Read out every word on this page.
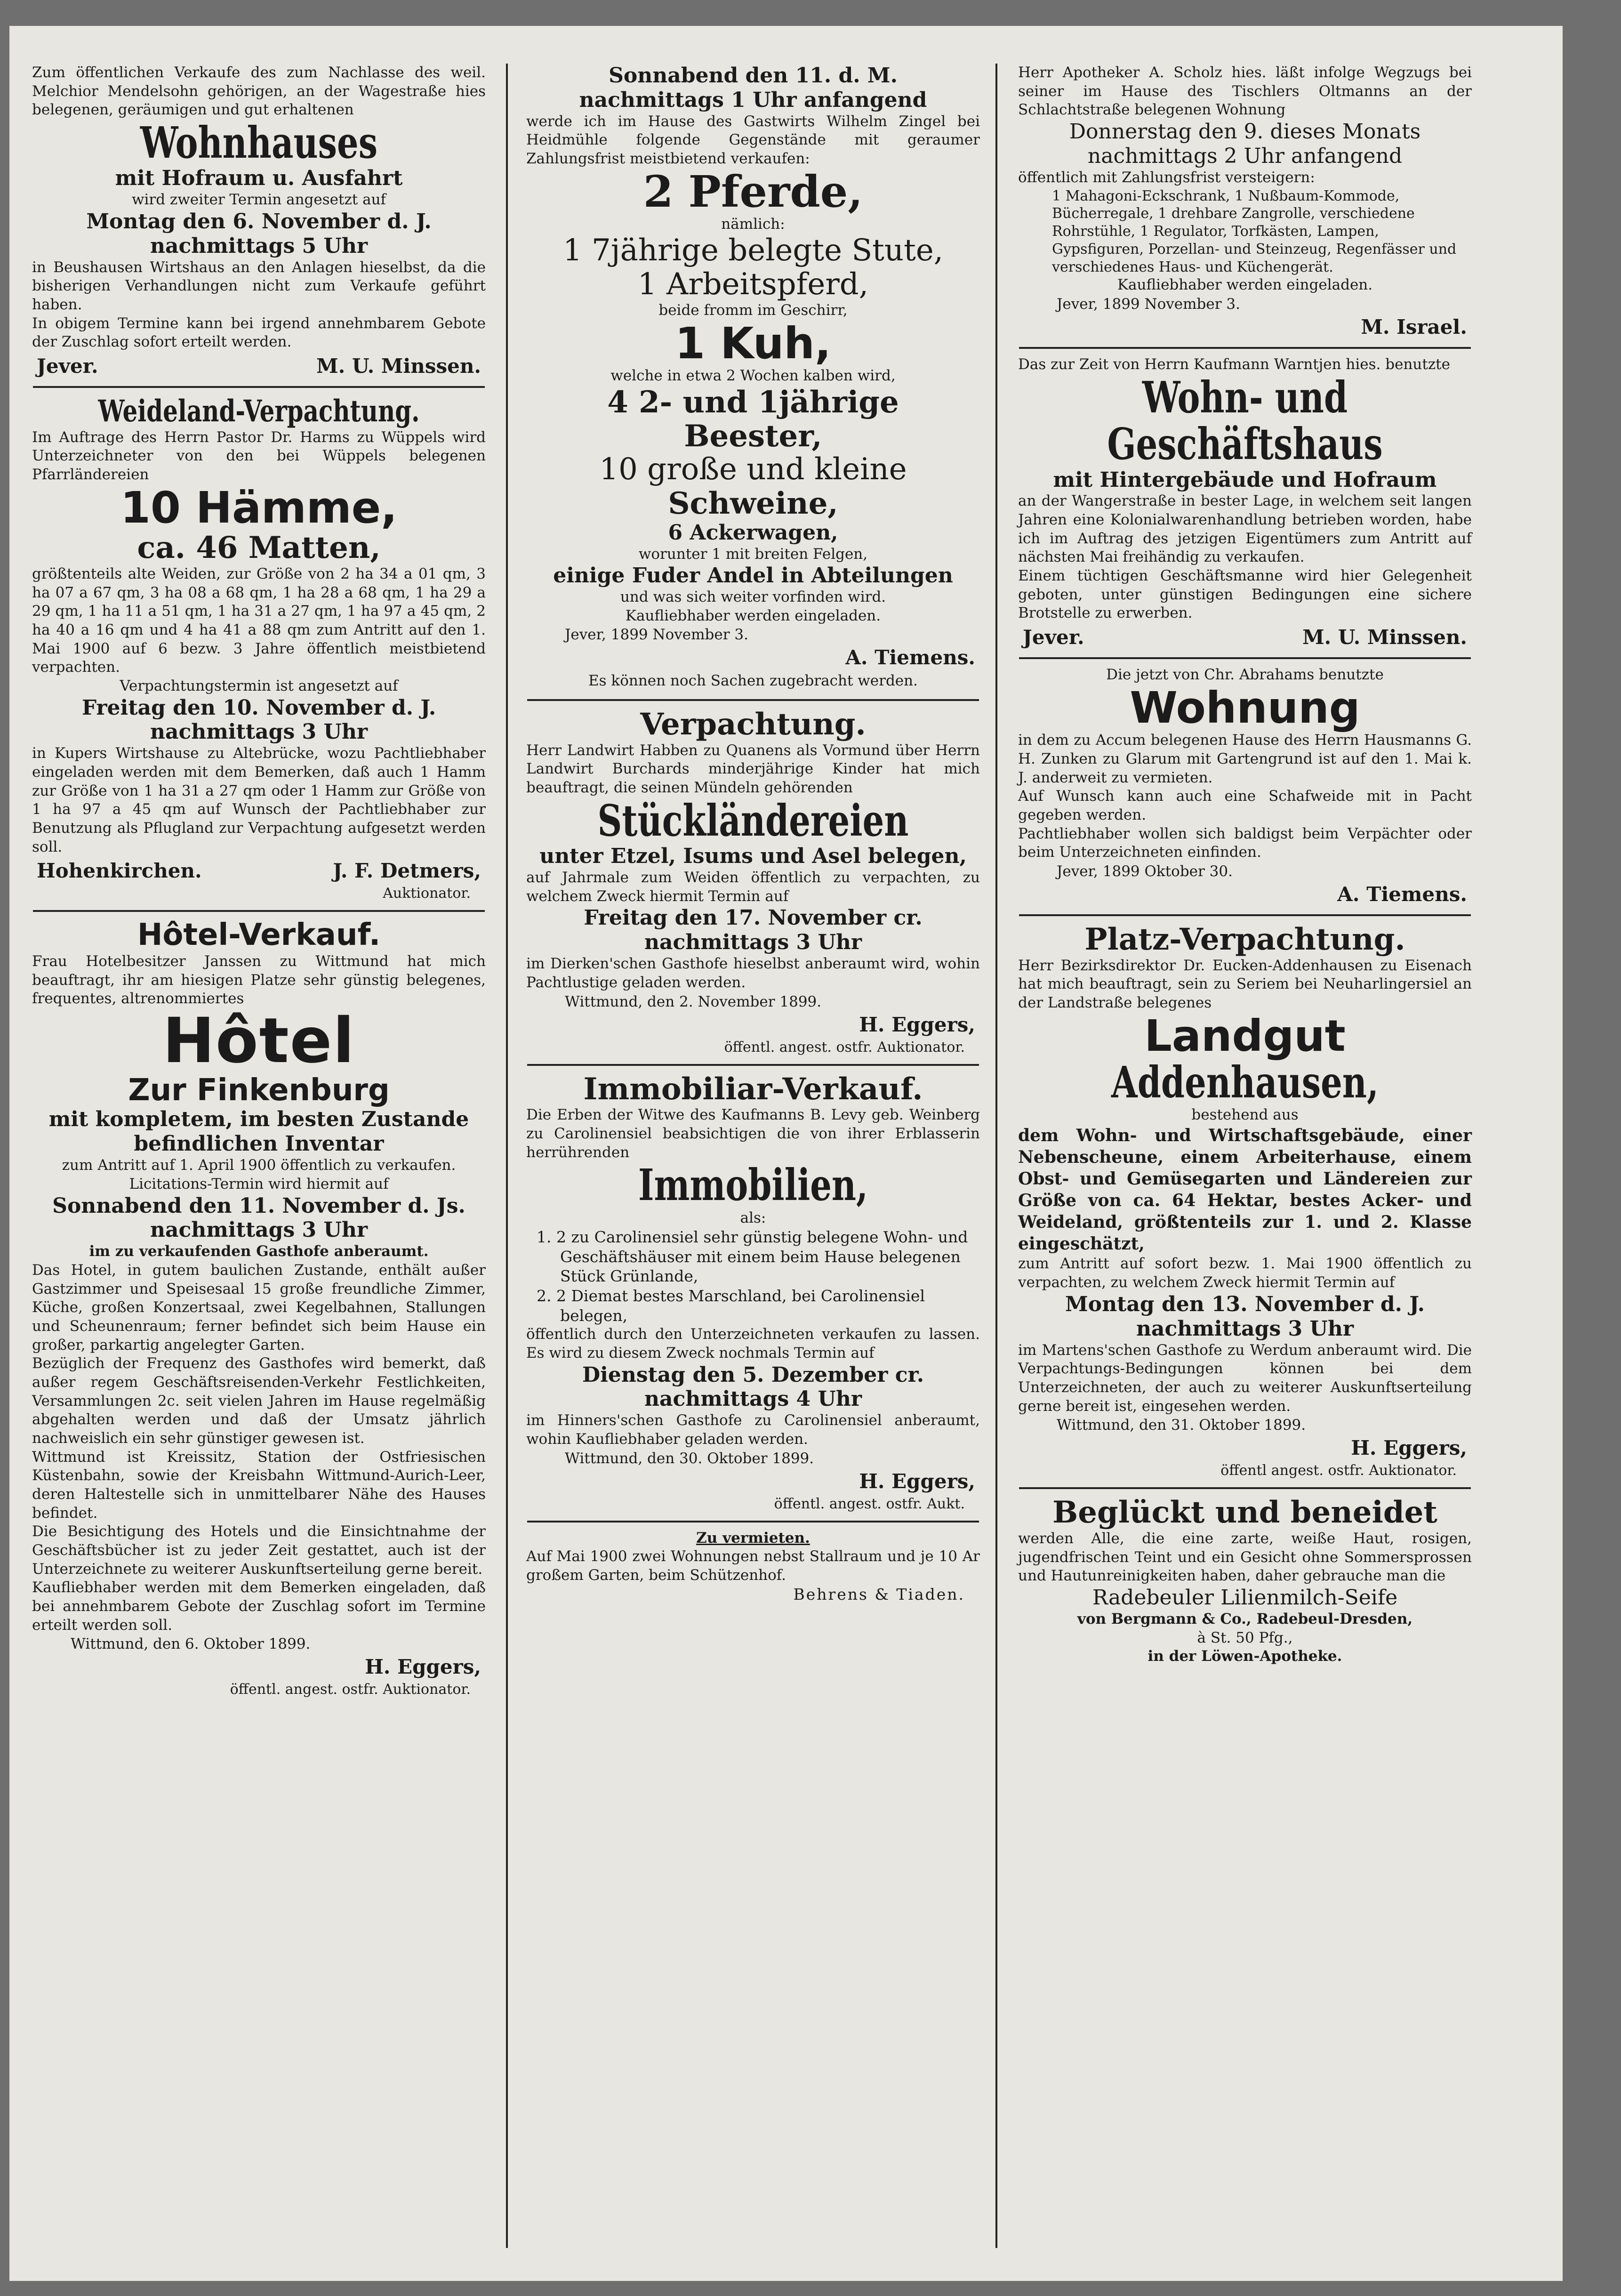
Zum öffentlichen Verkaufe des zum Nachlasse des weil. Melchior Mendelsohn gehörigen, an der Wagestraße hies belegenen, geräumigen und gut erhaltenen

Wohnhauses
mit Hofraum u. Ausfahrt
wird zweiter Termin angesetzt auf
Montag den 6. November d. J.
nachmittags 5 Uhr

in Beushausen Wirtshaus an den Anlagen hieselbst, da die bisherigen Verhandlungen nicht zum Verkaufe geführt haben.

In obigem Termine kann bei irgend annehmbarem Gebote der Zuschlag sofort erteilt werden.

Jever.	M. U. Minssen.
Weideland-Verpachtung.

Im Auftrage des Herrn Pastor Dr. Harms zu Wüppels wird Unterzeichneter von den bei Wüppels belegenen Pfarrländereien

10 Hämme,
ca. 46 Matten,

größtenteils alte Weiden, zur Größe von 2 ha 34 a 01 qm, 3 ha 07 a 67 qm, 3 ha 08 a 68 qm, 1 ha 28 a 68 qm, 1 ha 29 a 29 qm, 1 ha 11 a 51 qm, 1 ha 31 a 27 qm, 1 ha 97 a 45 qm, 2 ha 40 a 16 qm und 4 ha 41 a 88 qm zum Antritt auf den 1. Mai 1900 auf 6 bezw. 3 Jahre öffentlich meistbietend verpachten.

Verpachtungstermin ist angesetzt auf
Freitag den 10. November d. J.
nachmittags 3 Uhr

in Kupers Wirtshause zu Altebrücke, wozu Pachtliebhaber eingeladen werden mit dem Bemerken, daß auch 1 Hamm zur Größe von 1 ha 31 a 27 qm oder 1 Hamm zur Größe von 1 ha 97 a 45 qm auf Wunsch der Pachtliebhaber zur Benutzung als Pflugland zur Verpachtung aufgesetzt werden soll.

Hohenkirchen.	J. F. Detmers,
Auktionator.
Hôtel-Verkauf.

Frau Hotelbesitzer Janssen zu Wittmund hat mich beauftragt, ihr am hiesigen Platze sehr günstig belegenes, frequentes, altrenommiertes

Hôtel
Zur Finkenburg
mit kompletem, im besten Zustande befindlichen Inventar
zum Antritt auf 1. April 1900 öffentlich zu verkaufen. Licitations-Termin wird hiermit auf
Sonnabend den 11. November d. Js.
nachmittags 3 Uhr
im zu verkaufenden Gasthofe anberaumt.

Das Hotel, in gutem baulichen Zustande, enthält außer Gastzimmer und Speisesaal 15 große freundliche Zimmer, Küche, großen Konzertsaal, zwei Kegelbahnen, Stallungen und Scheunenraum; ferner befindet sich beim Hause ein großer, parkartig angelegter Garten.

Bezüglich der Frequenz des Gasthofes wird bemerkt, daß außer regem Geschäftsreisenden-Verkehr Festlichkeiten, Versammlungen 2c. seit vielen Jahren im Hause regelmäßig abgehalten werden und daß der Umsatz jährlich nachweislich ein sehr günstiger gewesen ist.

Wittmund ist Kreissitz, Station der Ostfriesischen Küstenbahn, sowie der Kreisbahn Wittmund-Aurich-Leer, deren Haltestelle sich in unmittelbarer Nähe des Hauses befindet.

Die Besichtigung des Hotels und die Einsichtnahme der Geschäftsbücher ist zu jeder Zeit gestattet, auch ist der Unterzeichnete zu weiterer Auskunftserteilung gerne bereit.

Kaufliebhaber werden mit dem Bemerken eingeladen, daß bei annehmbarem Gebote der Zuschlag sofort im Termine erteilt werden soll.

Wittmund, den 6. Oktober 1899.
H. Eggers,
öffentl. angest. ostfr. Auktionator.
Sonnabend den 11. d. M.
nachmittags 1 Uhr anfangend

werde ich im Hause des Gastwirts Wilhelm Zingel bei Heidmühle folgende Gegenstände mit geraumer Zahlungsfrist meistbietend verkaufen:

2 Pferde,
nämlich:
1 7jährige belegte Stute,
1 Arbeitspferd,
beide fromm im Geschirr,
1 Kuh,
welche in etwa 2 Wochen kalben wird,
4 2- und 1jährige
Beester,
10 große und kleine
Schweine,
6 Ackerwagen,
worunter 1 mit breiten Felgen,
einige Fuder Andel in Abteilungen
und was sich weiter vorfinden wird.
Kaufliebhaber werden eingeladen.
Jever, 1899 November 3.
A. Tiemens.
Es können noch Sachen zugebracht werden.
Verpachtung.

Herr Landwirt Habben zu Quanens als Vormund über Herrn Landwirt Burchards minderjährige Kinder hat mich beauftragt, die seinen Mündeln gehörenden

Stückländereien
unter Etzel, Isums und Asel belegen,

auf Jahrmale zum Weiden öffentlich zu verpachten, zu welchem Zweck hiermit Termin auf

Freitag den 17. November cr.
nachmittags 3 Uhr

im Dierken'schen Gasthofe hieselbst anberaumt wird, wohin Pachtlustige geladen werden.

Wittmund, den 2. November 1899.
H. Eggers,
öffentl. angest. ostfr. Auktionator.
Immobiliar-Verkauf.

Die Erben der Witwe des Kaufmanns B. Levy geb. Weinberg zu Carolinensiel beabsichtigen die von ihrer Erblasserin herrührenden

Immobilien,
als:
1. 2 zu Carolinensiel sehr günstig belegene Wohn- und Geschäftshäuser mit einem beim Hause belegenen Stück Grünlande,
2. 2 Diemat bestes Marschland, bei Carolinensiel belegen,

öffentlich durch den Unterzeichneten verkaufen zu lassen. Es wird zu diesem Zweck nochmals Termin auf

Dienstag den 5. Dezember cr.
nachmittags 4 Uhr

im Hinners'schen Gasthofe zu Carolinensiel anberaumt, wohin Kaufliebhaber geladen werden.

Wittmund, den 30. Oktober 1899.
H. Eggers,
öffentl. angest. ostfr. Aukt.
Zu vermieten.

Auf Mai 1900 zwei Wohnungen nebst Stallraum und je 10 Ar großem Garten, beim Schützenhof.

Behrens & Tiaden.

Herr Apotheker A. Scholz hies. läßt infolge Wegzugs bei seiner im Hause des Tischlers Oltmanns an der Schlachtstraße belegenen Wohnung

Donnerstag den 9. dieses Monats
nachmittags 2 Uhr anfangend
öffentlich mit Zahlungsfrist versteigern:
1 Mahagoni-Eckschrank, 1 Nußbaum-Kommode, Bücherregale, 1 drehbare Zangrolle, verschiedene Rohrstühle, 1 Regulator, Torfkästen, Lampen, Gypsfiguren, Porzellan- und Steinzeug, Regenfässer und verschiedenes Haus- und Küchengerät.
Kaufliebhaber werden eingeladen.
Jever, 1899 November 3.
M. Israel.

Das zur Zeit von Herrn Kaufmann Warntjen hies. benutzte

Wohn- und
Geschäftshaus
mit Hintergebäude und Hofraum

an der Wangerstraße in bester Lage, in welchem seit langen Jahren eine Kolonialwarenhandlung betrieben worden, habe ich im Auftrag des jetzigen Eigentümers zum Antritt auf nächsten Mai freihändig zu verkaufen.

Einem tüchtigen Geschäftsmanne wird hier Gelegenheit geboten, unter günstigen Bedingungen eine sichere Brotstelle zu erwerben.

Jever.	M. U. Minssen.
Die jetzt von Chr. Abrahams benutzte
Wohnung

in dem zu Accum belegenen Hause des Herrn Hausmanns G. H. Zunken zu Glarum mit Gartengrund ist auf den 1. Mai k. J. anderweit zu vermieten.

Auf Wunsch kann auch eine Schafweide mit in Pacht gegeben werden.

Pachtliebhaber wollen sich baldigst beim Verpächter oder beim Unterzeichneten einfinden.

Jever, 1899 Oktober 30.
A. Tiemens.
Platz-Verpachtung.

Herr Bezirksdirektor Dr. Eucken-Addenhausen zu Eisenach hat mich beauftragt, sein zu Seriem bei Neuharlingersiel an der Landstraße belegenes

Landgut
Addenhausen,
bestehend aus
dem Wohn- und Wirtschaftsgebäude, einer Nebenscheune, einem Arbeiterhause, einem Obst- und Gemüsegarten und Ländereien zur Größe von ca. 64 Hektar, bestes Acker- und Weideland, größtenteils zur 1. und 2. Klasse eingeschätzt,

zum Antritt auf sofort bezw. 1. Mai 1900 öffentlich zu verpachten, zu welchem Zweck hiermit Termin auf

Montag den 13. November d. J.
nachmittags 3 Uhr

im Martens'schen Gasthofe zu Werdum anberaumt wird. Die Verpachtungs-Bedingungen können bei dem Unterzeichneten, der auch zu weiterer Auskunftserteilung gerne bereit ist, eingesehen werden.

Wittmund, den 31. Oktober 1899.
H. Eggers,
öffentl angest. ostfr. Auktionator.
Beglückt und beneidet

werden Alle, die eine zarte, weiße Haut, rosigen, jugendfrischen Teint und ein Gesicht ohne Sommersprossen und Hautunreinigkeiten haben, daher gebrauche man die

Radebeuler Lilienmilch-Seife
von Bergmann & Co., Radebeul-Dresden,
à St. 50 Pfg.,
in der Löwen-Apotheke.
